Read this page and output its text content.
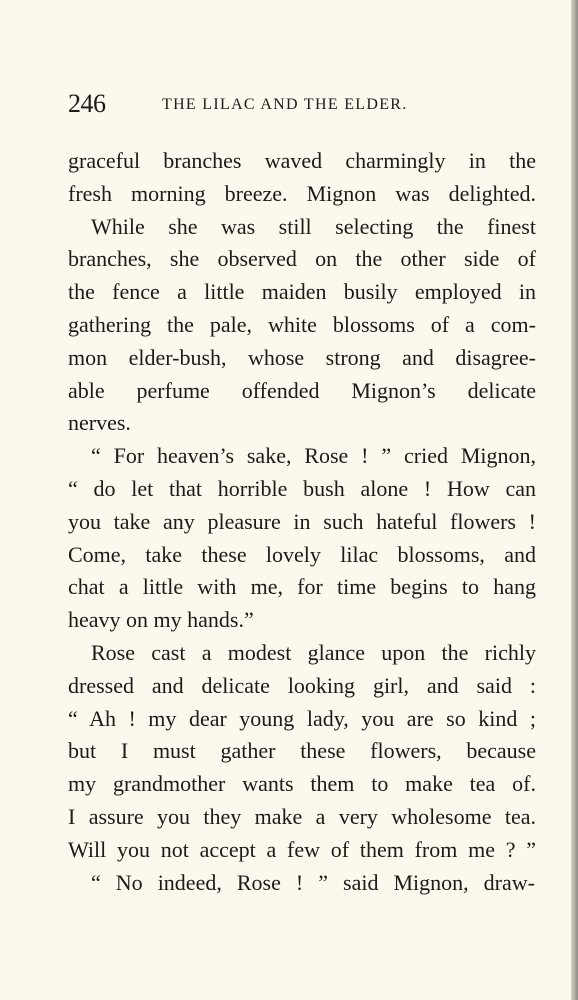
246	THE LILAC AND THE ELDER.
graceful branches waved charmingly in the
fresh morning breeze. Mignon was delighted.
While she was still selecting the finest
branches, she observed on the other side of
the fence a little maiden busily employed in
gathering the pale, white blossoms of a com-
mon elder-bush, whose strong and disagree-
able perfume offended Mignon’s delicate
nerves.
“ For heaven’s sake, Rose ! ” cried Mignon,
“ do let that horrible bush alone ! How can
you take any pleasure in such hateful flowers !
Come, take these lovely lilac blossoms, and
chat a little with me, for time begins to hang
heavy on my hands.”
Rose cast a modest glance upon the richly
dressed and delicate looking girl, and said :
“ Ah ! my dear young lady, you are so kind ;
but I must gather these flowers, because
my grandmother wants them to make tea of.
I assure you they make a very wholesome tea.
Will you not accept a few of them from me ? ”
“ No indeed, Rose ! ” said Mignon, draw-
